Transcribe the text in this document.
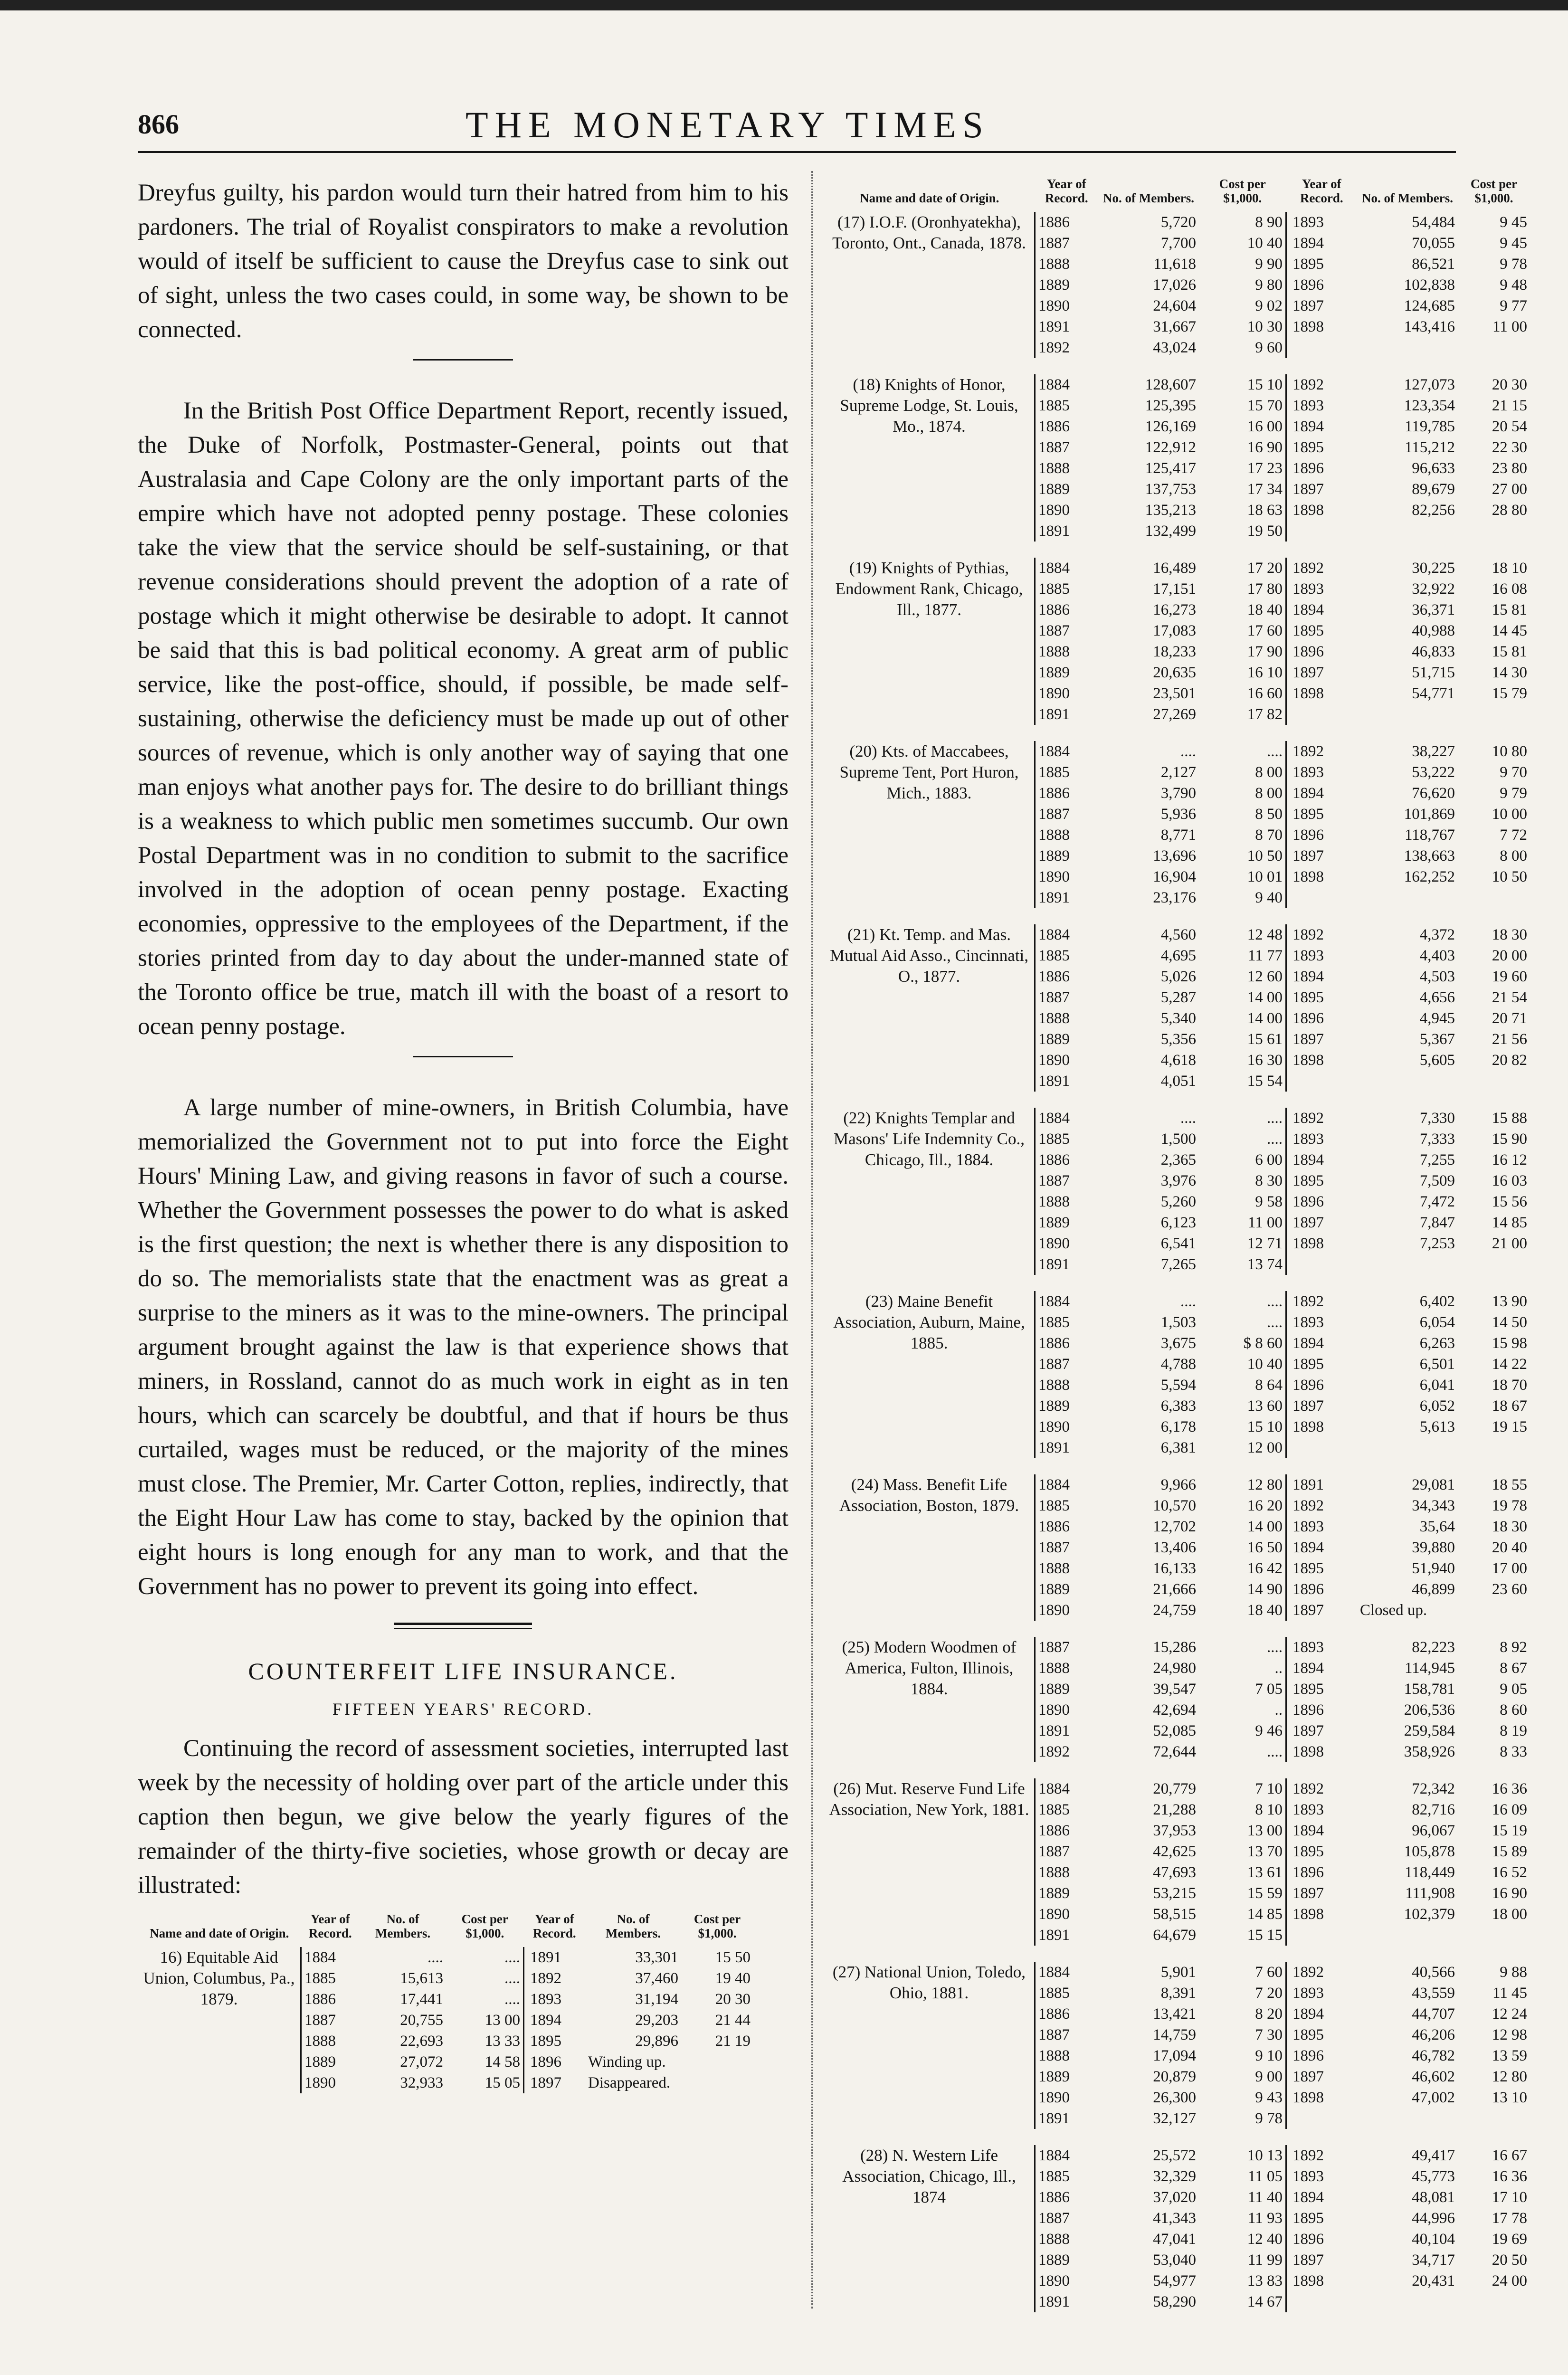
866	THE MONETARY TIMES

Dreyfus guilty, his pardon would turn their hatred from him to his pardoners. The trial of Royalist conspirators to make a revolution would of itself be sufficient to cause the Dreyfus case to sink out of sight, unless the two cases could, in some way, be shown to be connected.

In the British Post Office Department Report, recently issued, the Duke of Norfolk, Postmaster-General, points out that Australasia and Cape Colony are the only important parts of the empire which have not adopted penny postage. These colonies take the view that the service should be self-sustaining, or that revenue considerations should prevent the adoption of a rate of postage which it might otherwise be desirable to adopt. It cannot be said that this is bad political economy. A great arm of public service, like the post-office, should, if possible, be made self-sustaining, otherwise the deficiency must be made up out of other sources of revenue, which is only another way of saying that one man enjoys what another pays for. The desire to do brilliant things is a weakness to which public men sometimes succumb. Our own Postal Department was in no condition to submit to the sacrifice involved in the adoption of ocean penny postage. Exacting economies, oppressive to the employees of the Department, if the stories printed from day to day about the under-manned state of the Toronto office be true, match ill with the boast of a resort to ocean penny postage.

A large number of mine-owners, in British Columbia, have memorialized the Government not to put into force the Eight Hours' Mining Law, and giving reasons in favor of such a course. Whether the Government possesses the power to do what is asked is the first question; the next is whether there is any disposition to do so. The memorialists state that the enactment was as great a surprise to the miners as it was to the mine-owners. The principal argument brought against the law is that experience shows that miners, in Rossland, cannot do as much work in eight as in ten hours, which can scarcely be doubtful, and that if hours be thus curtailed, wages must be reduced, or the majority of the mines must close. The Premier, Mr. Carter Cotton, replies, indirectly, that the Eight Hour Law has come to stay, backed by the opinion that eight hours is long enough for any man to work, and that the Government has no power to prevent its going into effect.

COUNTERFEIT LIFE INSURANCE.
FIFTEEN YEARS' RECORD.

Continuing the record of assessment societies, interrupted last week by the necessity of holding over part of the article under this caption then begun, we give below the yearly figures of the remainder of the thirty-five societies, whose growth or decay are illustrated:

Name and date of Origin.	Year of Record.	No. of Members.	Cost per $1,000.	Year of Record.	No. of Members.	Cost per $1,000.
16) Equitable Aid Union, Columbus, Pa., 1879.	1884	....	....	1891	33,301	15 50
	1885	15,613	....	1892	37,460	19 40
	1886	17,441	....	1893	31,194	20 30
	1887	20,755	13 00	1894	29,203	21 44
	1888	22,693	13 33	1895	29,896	21 19
	1889	27,072	14 58	1896	Winding up.	
	1890	32,933	15 05	1897	Disappeared.	
Name and date of Origin.	Year of Record.	No. of Members.	Cost per $1,000.	Year of Record.	No. of Members.	Cost per $1,000.
(17) I.O.F. (Oronhyatekha), Toronto, Ont., Canada, 1878.	1886	5,720	8 90	1893	54,484	9 45
	1887	7,700	10 40	1894	70,055	9 45
	1888	11,618	9 90	1895	86,521	9 78
	1889	17,026	9 80	1896	102,838	9 48
	1890	24,604	9 02	1897	124,685	9 77
	1891	31,667	10 30	1898	143,416	11 00
	1892	43,024	9 60			

(18) Knights of Honor, Supreme Lodge, St. Louis, Mo., 1874.	1884	128,607	15 10	1892	127,073	20 30
	1885	125,395	15 70	1893	123,354	21 15
	1886	126,169	16 00	1894	119,785	20 54
	1887	122,912	16 90	1895	115,212	22 30
	1888	125,417	17 23	1896	96,633	23 80
	1889	137,753	17 34	1897	89,679	27 00
	1890	135,213	18 63	1898	82,256	28 80
	1891	132,499	19 50			

(19) Knights of Pythias, Endowment Rank, Chicago, Ill., 1877.	1884	16,489	17 20	1892	30,225	18 10
	1885	17,151	17 80	1893	32,922	16 08
	1886	16,273	18 40	1894	36,371	15 81
	1887	17,083	17 60	1895	40,988	14 45
	1888	18,233	17 90	1896	46,833	15 81
	1889	20,635	16 10	1897	51,715	14 30
	1890	23,501	16 60	1898	54,771	15 79
	1891	27,269	17 82			

(20) Kts. of Maccabees, Supreme Tent, Port Huron, Mich., 1883.	1884	....	....	1892	38,227	10 80
	1885	2,127	8 00	1893	53,222	9 70
	1886	3,790	8 00	1894	76,620	9 79
	1887	5,936	8 50	1895	101,869	10 00
	1888	8,771	8 70	1896	118,767	7 72
	1889	13,696	10 50	1897	138,663	8 00
	1890	16,904	10 01	1898	162,252	10 50
	1891	23,176	9 40			

(21) Kt. Temp. and Mas. Mutual Aid Asso., Cincinnati, O., 1877.	1884	4,560	12 48	1892	4,372	18 30
	1885	4,695	11 77	1893	4,403	20 00
	1886	5,026	12 60	1894	4,503	19 60
	1887	5,287	14 00	1895	4,656	21 54
	1888	5,340	14 00	1896	4,945	20 71
	1889	5,356	15 61	1897	5,367	21 56
	1890	4,618	16 30	1898	5,605	20 82
	1891	4,051	15 54			

(22) Knights Templar and Masons' Life Indemnity Co., Chicago, Ill., 1884.	1884	....	....	1892	7,330	15 88
	1885	1,500	....	1893	7,333	15 90
	1886	2,365	6 00	1894	7,255	16 12
	1887	3,976	8 30	1895	7,509	16 03
	1888	5,260	9 58	1896	7,472	15 56
	1889	6,123	11 00	1897	7,847	14 85
	1890	6,541	12 71	1898	7,253	21 00
	1891	7,265	13 74			

(23) Maine Benefit Association, Auburn, Maine, 1885.	1884	....	....	1892	6,402	13 90
	1885	1,503	....	1893	6,054	14 50
	1886	3,675	$ 8 60	1894	6,263	15 98
	1887	4,788	10 40	1895	6,501	14 22
	1888	5,594	8 64	1896	6,041	18 70
	1889	6,383	13 60	1897	6,052	18 67
	1890	6,178	15 10	1898	5,613	19 15
	1891	6,381	12 00			

(24) Mass. Benefit Life Association, Boston, 1879.	1884	9,966	12 80	1891	29,081	18 55
	1885	10,570	16 20	1892	34,343	19 78
	1886	12,702	14 00	1893	35,64	18 30
	1887	13,406	16 50	1894	39,880	20 40
	1888	16,133	16 42	1895	51,940	17 00
	1889	21,666	14 90	1896	46,899	23 60
	1890	24,759	18 40	1897	Closed up.	

(25) Modern Woodmen of America, Fulton, Illinois, 1884.	1887	15,286	....	1893	82,223	8 92
	1888	24,980	..	1894	114,945	8 67
	1889	39,547	7 05	1895	158,781	9 05
	1890	42,694	..	1896	206,536	8 60
	1891	52,085	9 46	1897	259,584	8 19
	1892	72,644	....	1898	358,926	8 33

(26) Mut. Reserve Fund Life Association, New York, 1881.	1884	20,779	7 10	1892	72,342	16 36
	1885	21,288	8 10	1893	82,716	16 09
	1886	37,953	13 00	1894	96,067	15 19
	1887	42,625	13 70	1895	105,878	15 89
	1888	47,693	13 61	1896	118,449	16 52
	1889	53,215	15 59	1897	111,908	16 90
	1890	58,515	14 85	1898	102,379	18 00
	1891	64,679	15 15			

(27) National Union, Toledo, Ohio, 1881.	1884	5,901	7 60	1892	40,566	9 88
	1885	8,391	7 20	1893	43,559	11 45
	1886	13,421	8 20	1894	44,707	12 24
	1887	14,759	7 30	1895	46,206	12 98
	1888	17,094	9 10	1896	46,782	13 59
	1889	20,879	9 00	1897	46,602	12 80
	1890	26,300	9 43	1898	47,002	13 10
	1891	32,127	9 78			

(28) N. Western Life Association, Chicago, Ill., 1874	1884	25,572	10 13	1892	49,417	16 67
	1885	32,329	11 05	1893	45,773	16 36
	1886	37,020	11 40	1894	48,081	17 10
	1887	41,343	11 93	1895	44,996	17 78
	1888	47,041	12 40	1896	40,104	19 69
	1889	53,040	11 99	1897	34,717	20 50
	1890	54,977	13 83	1898	20,431	24 00
	1891	58,290	14 67			
